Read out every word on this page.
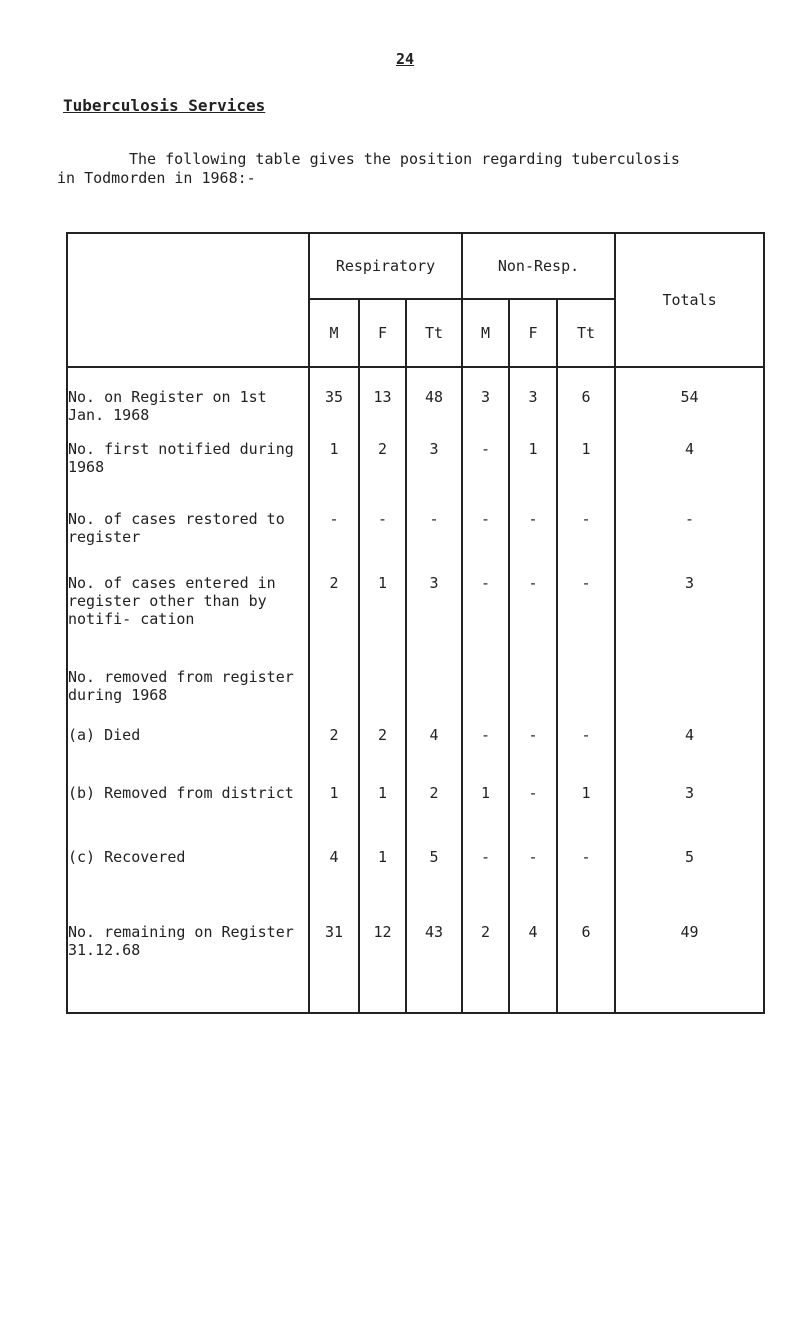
24
Tuberculosis Services
The following table gives the position regarding tuberculosis
in Todmorden in 1968:-
	Respiratory			Non-Resp.			Totals
	M	F	Tt	M	F	Tt	
No. on Register on 1st Jan. 1968	35	13	48	3	3	6	54
No. first notified during 1968	1	2	3	-	1	1	4
No. of cases restored to register	-	-	-	-	-	-	-
No. of cases entered in register other than by notifi- cation	2	1	3	-	-	-	3
No. removed from register during 1968							
(a) Died	2	2	4	-	-	-	4
(b) Removed from district	1	1	2	1	-	1	3
(c) Recovered	4	1	5	-	-	-	5
No. remaining on Register 31.12.68	31	12	43	2	4	6	49
